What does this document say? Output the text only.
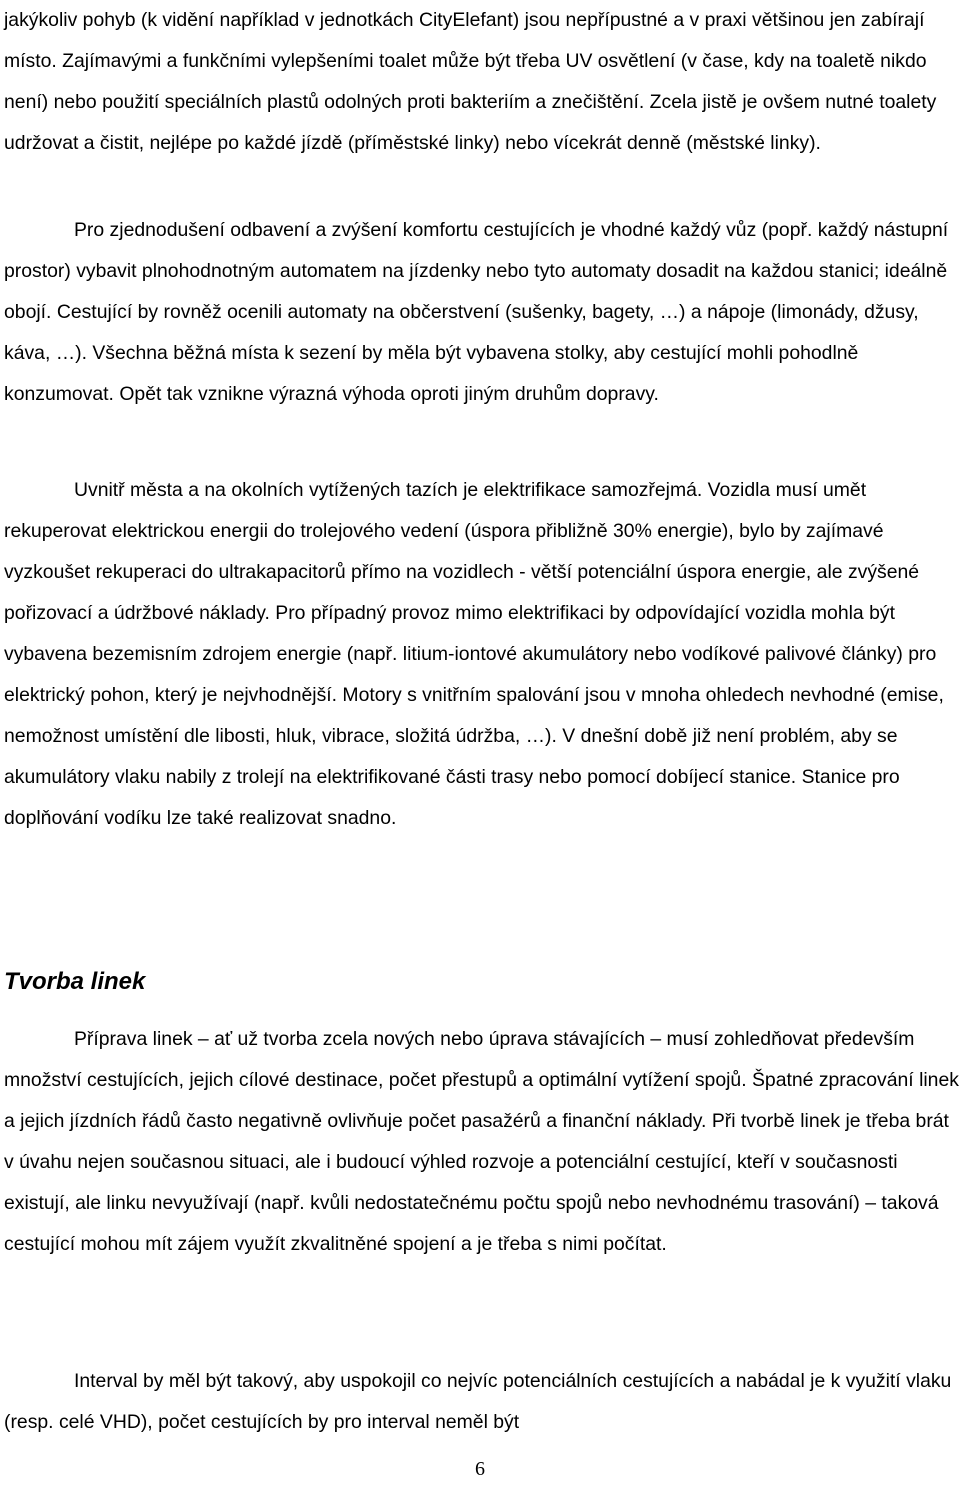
jakýkoliv pohyb (k vidění například v jednotkách CityElefant) jsou nepřípustné a v praxi většinou jen zabírají místo. Zajímavými a funkčními vylepšeními toalet může být třeba UV osvětlení (v čase, kdy na toaletě nikdo není) nebo použití speciálních plastů odolných proti bakteriím a znečištění. Zcela jistě je ovšem nutné toalety udržovat a čistit, nejlépe po každé jízdě (příměstské linky) nebo vícekrát denně (městské linky).

Pro zjednodušení odbavení a zvýšení komfortu cestujících je vhodné každý vůz (popř. každý nástupní prostor) vybavit plnohodnotným automatem na jízdenky nebo tyto automaty dosadit na každou stanici; ideálně obojí. Cestující by rovněž ocenili automaty na občerstvení (sušenky, bagety, …) a nápoje (limonády, džusy, káva, …). Všechna běžná místa k sezení by měla být vybavena stolky, aby cestující mohli pohodlně konzumovat. Opět tak vznikne výrazná výhoda oproti jiným druhům dopravy.

Uvnitř města a na okolních vytížených tazích je elektrifikace samozřejmá. Vozidla musí umět rekuperovat elektrickou energii do trolejového vedení (úspora přibližně 30% energie), bylo by zajímavé vyzkoušet rekuperaci do ultrakapacitorů přímo na vozidlech - větší potenciální úspora energie, ale zvýšené pořizovací a údržbové náklady. Pro případný provoz mimo elektrifikaci by odpovídající vozidla mohla být vybavena bezemisním zdrojem energie (např. litium-iontové akumulátory nebo vodíkové palivové články) pro elektrický pohon, který je nejvhodnější. Motory s vnitřním spalování jsou v mnoha ohledech nevhodné (emise, nemožnost umístění dle libosti, hluk, vibrace, složitá údržba, …). V dnešní době již není problém, aby se akumulátory vlaku nabily z trolejí na elektrifikované části trasy nebo pomocí dobíjecí stanice. Stanice pro doplňování vodíku lze také realizovat snadno.

Tvorba linek

Příprava linek – ať už tvorba zcela nových nebo úprava stávajících – musí zohledňovat především množství cestujících, jejich cílové destinace, počet přestupů a optimální vytížení spojů. Špatné zpracování linek a jejich jízdních řádů často negativně ovlivňuje počet pasažérů a finanční náklady. Při tvorbě linek je třeba brát v úvahu nejen současnou situaci, ale i budoucí výhled rozvoje a potenciální cestující, kteří v současnosti existují, ale linku nevyužívají (např. kvůli nedostatečnému počtu spojů nebo nevhodnému trasování) – taková cestující mohou mít zájem využít zkvalitněné spojení a je třeba s nimi počítat.

Interval by měl být takový, aby uspokojil co nejvíc potenciálních cestujících a nabádal je k využití vlaku (resp. celé VHD), počet cestujících by pro interval neměl být

6
